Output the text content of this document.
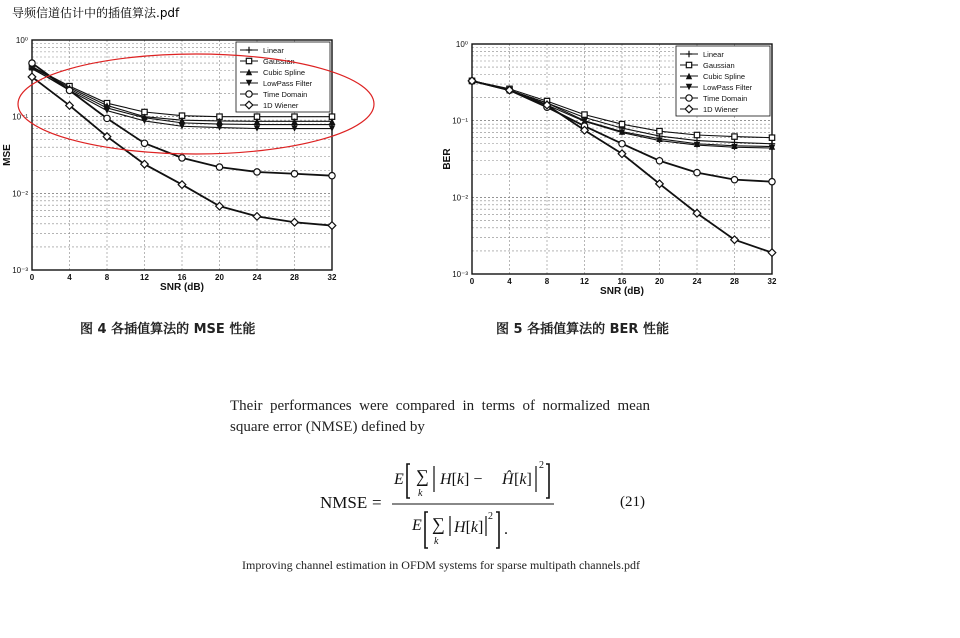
导频信道估计中的插值算法.pdf
0	4	8	12	16	20	24	28	32
10⁰
10⁻¹
10⁻²
10⁻³
SNR (dB)
MSE
Linear
Gaussian
Cubic Spline
LowPass Filter
Time Domain
1D Wiener
0	4	8	12	16	20	24	28	32
10⁰
10⁻¹
10⁻²
10⁻³
SNR (dB)
BER
Linear
Gaussian
Cubic Spline
LowPass Filter
Time Domain
1D Wiener
图 4 各插值算法的 MSE 性能	图 5 各插值算法的 BER 性能
Their performances were compared in terms of normalized mean square error (NMSE) defined by
NMSE =
E ∑
k
H[k] − Ĥ [k]
2
E ∑
k
H[k]
2
.
(21)
Improving channel estimation in OFDM systems for sparse multipath channels.pdf
